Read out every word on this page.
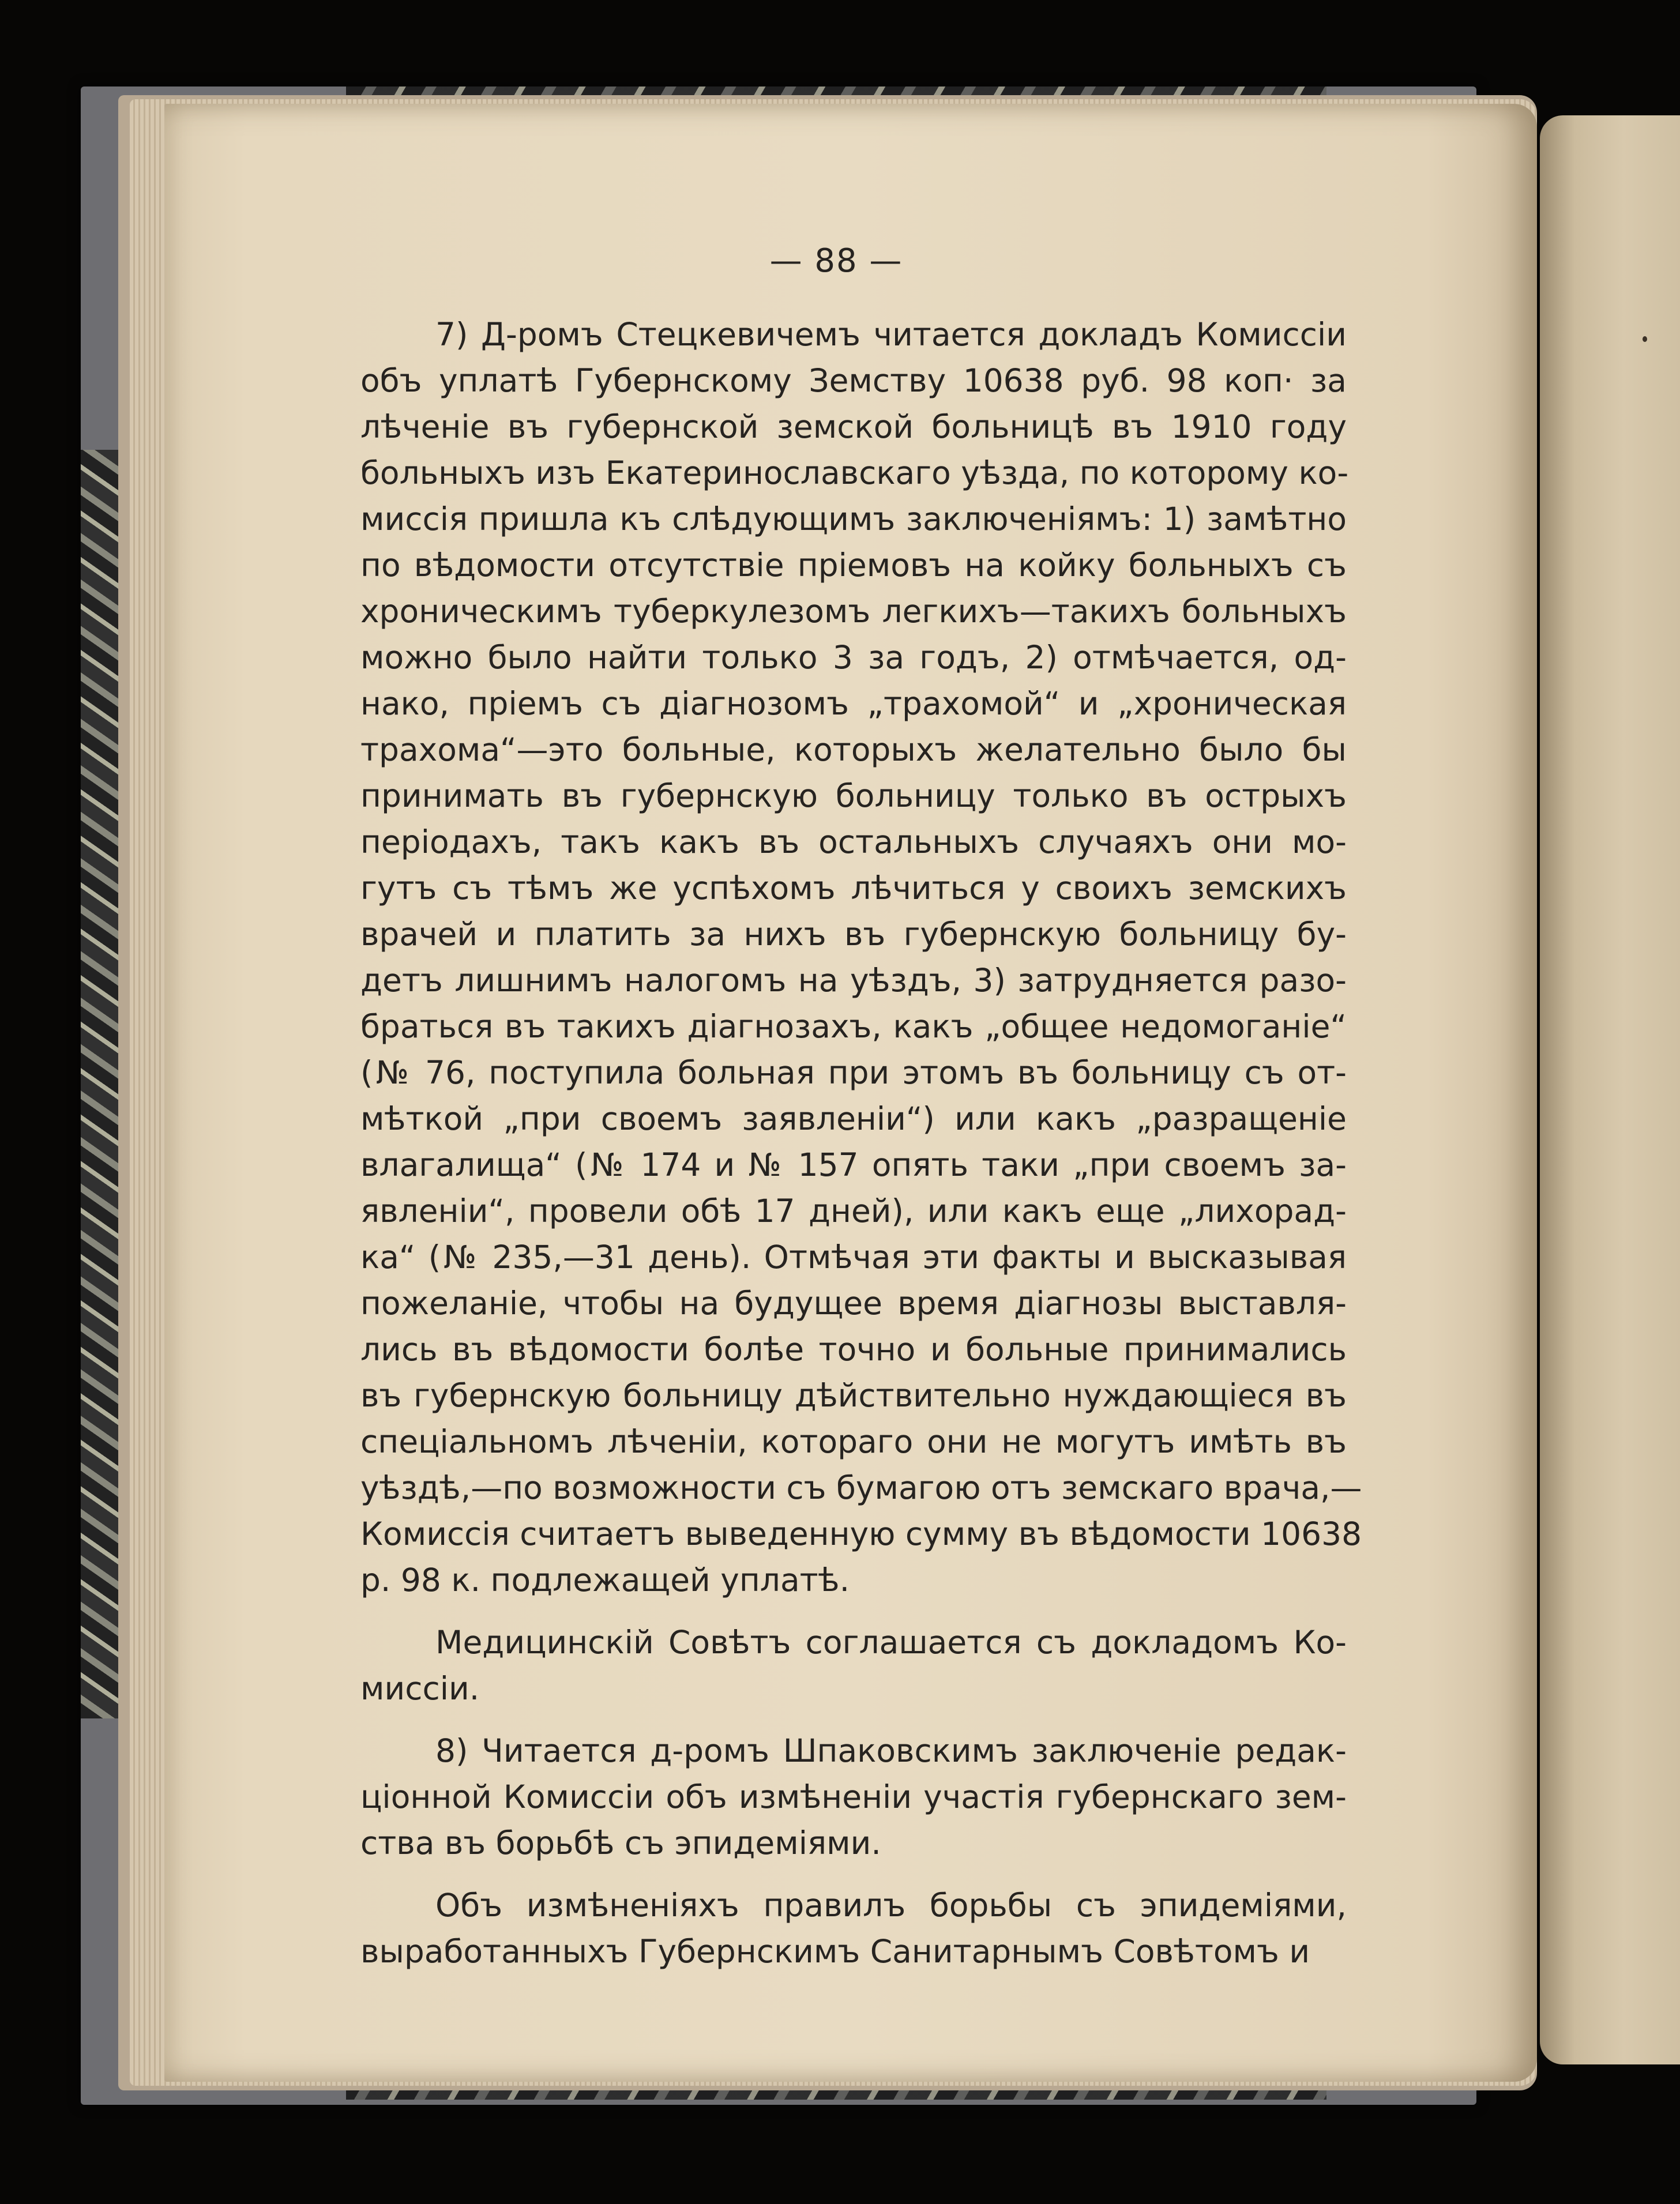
— 88 —
7) Д-ромъ Стецкевичемъ читается докладъ Комиссіи
объ уплатѣ Губернскому Земству 10638 руб. 98 коп· за
лѣченіе въ губернской земской больницѣ въ 1910 году
больныхъ изъ Екатеринославскаго уѣзда, по которому ко-
миссія пришла къ слѣдующимъ заключеніямъ: 1) замѣтно
по вѣдомости отсутствіе пріемовъ на койку больныхъ съ
хроническимъ туберкулезомъ легкихъ—такихъ больныхъ
можно было найти только 3 за годъ, 2) отмѣчается, од-
нако, пріемъ съ діагнозомъ „трахомой“ и „хроническая
трахома“—это больные, которыхъ желательно было бы
принимать въ губернскую больницу только въ острыхъ
періодахъ, такъ какъ въ остальныхъ случаяхъ они мо-
гутъ съ тѣмъ же успѣхомъ лѣчиться у своихъ земскихъ
врачей и платить за нихъ въ губернскую больницу бу-
детъ лишнимъ налогомъ на уѣздъ, 3) затрудняется разо-
браться въ такихъ діагнозахъ, какъ „общее недомоганіе“
(№ 76, поступила больная при этомъ въ больницу съ от-
мѣткой „при своемъ заявленіи“) или какъ „разращеніе
влагалища“ (№ 174 и № 157 опять таки „при своемъ за-
явленіи“, провели обѣ 17 дней), или какъ еще „лихорад-
ка“ (№ 235,—31 день). Отмѣчая эти факты и высказывая
пожеланіе, чтобы на будущее время діагнозы выставля-
лись въ вѣдомости болѣе точно и больные принимались
въ губернскую больницу дѣйствительно нуждающіеся въ
спеціальномъ лѣченіи, котораго они не могутъ имѣть въ
уѣздѣ,—по возможности съ бумагою отъ земскаго врача,—
Комиссія считаетъ выведенную сумму въ вѣдомости 10638
р. 98 к. подлежащей уплатѣ.
Медицинскій Совѣтъ соглашается съ докладомъ Ко-
миссіи.
8) Читается д-ромъ Шпаковскимъ заключеніе редак-
ціонной Комиссіи объ измѣненіи участія губернскаго зем-
ства въ борьбѣ съ эпидеміями.
Объ измѣненіяхъ правилъ борьбы съ эпидеміями,
выработанныхъ Губернскимъ Санитарнымъ Совѣтомъ и
